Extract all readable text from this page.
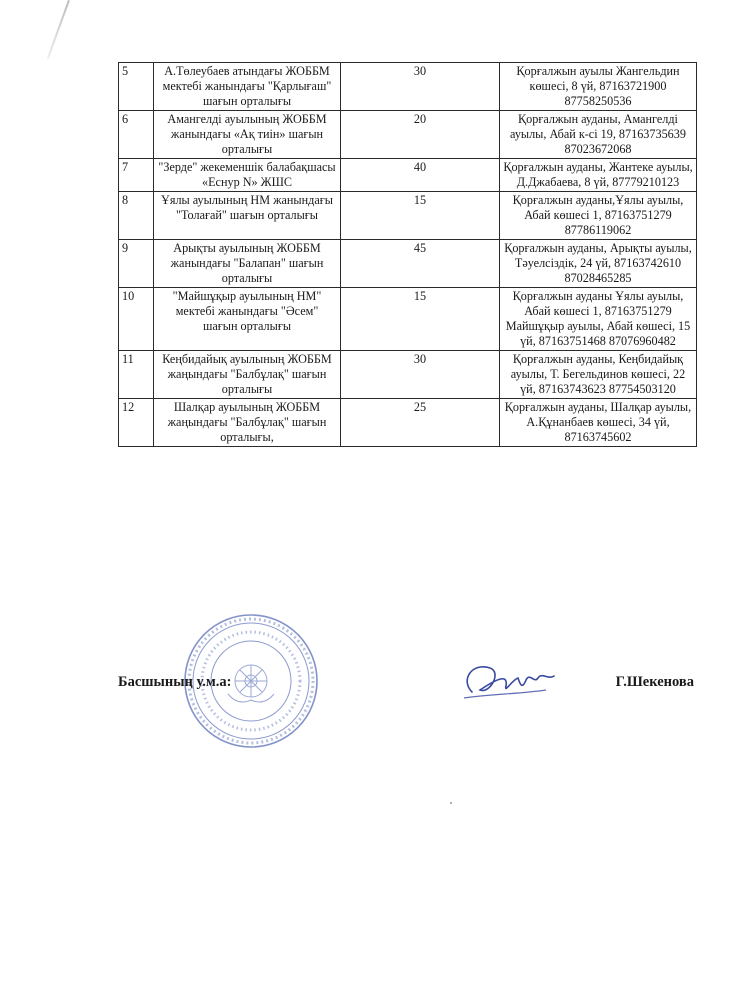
5	А.Төлеубаев атындағы ЖОББМ мектебі жанындағы "Қарлығаш" шағын орталығы	30	Қорғалжын ауылы Жангельдин көшесі, 8 үй, 87163721900 87758250536
6	Амангелді ауылының ЖОББМ жанындағы «Ақ тиін» шағын орталығы	20	Қорғалжын ауданы, Амангелді ауылы, Абай к-сі 19, 87163735639 87023672068
7	"Зерде" жекеменшік балабақшасы «Еснур N» ЖШС	40	Қорғалжын ауданы, Жантеке ауылы, Д.Джабаева, 8 үй, 87779210123
8	Ұялы ауылының НМ жанындағы "Толағай" шағын орталығы	15	Қорғалжын ауданы,Ұялы ауылы, Абай көшесі 1, 87163751279 87786119062
9	Арықты ауылының ЖОББМ жанындағы "Балапан" шағын орталығы	45	Қорғалжын ауданы, Арықты ауылы, Тәуелсіздік, 24 үй, 87163742610 87028465285
10	"Майшұқыр ауылының НМ" мектебі жанындағы "Әсем" шағын орталығы	15	Қорғалжын ауданы Ұялы ауылы, Абай көшесі 1, 87163751279 Майшұқыр ауылы, Абай көшесі, 15 үй, 87163751468 87076960482
11	Кеңбидайық ауылының ЖОББМ жаңындағы "Балбұлақ" шағын орталығы	30	Қорғалжын ауданы, Кеңбидайық ауылы, Т. Бегельдинов көшесі, 22 үй, 87163743623 87754503120
12	Шалқар ауылының ЖОББМ жаңындағы "Балбұлақ" шағын орталығы,	25	Қорғалжын ауданы, Шалқар ауылы, А.Құнанбаев көшесі, 34 үй, 87163745602
Басшының у.м.а:	Г.Шекенова
